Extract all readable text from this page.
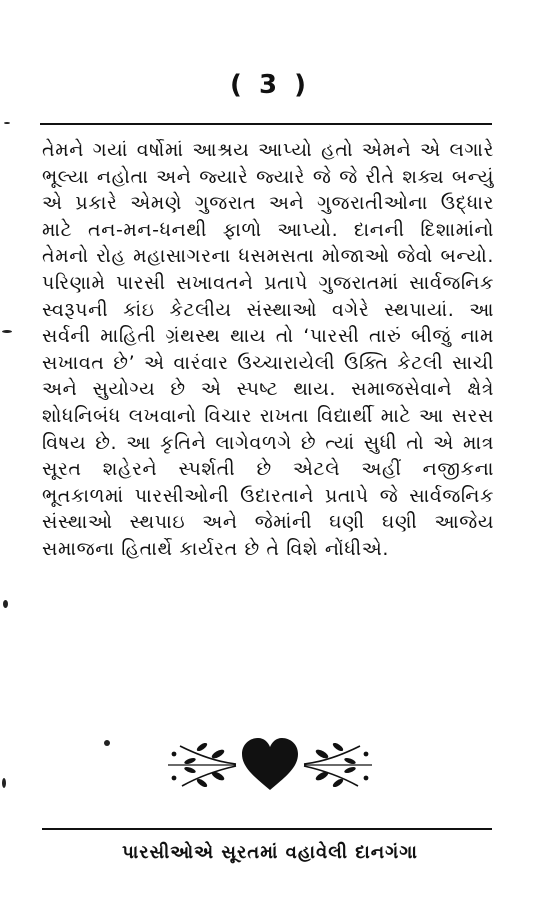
( 3 )

તેમને ગયાં વર્ષોમાં આશ્રય આપ્યો હતો એમને એ લગારે ભૂલ્યા નહોતા અને જ્યારે જ્યારે જે જે રીતે શક્ય બન્યું એ પ્રકારે એમણે ગુજરાત અને ગુજરાતીઓના ઉદ્ધાર માટે તન-મન-ધનથી ફાળો આપ્યો. દાનની દિશામાંનો તેમનો રોહ મહાસાગરના ધસમસતા મોજાઓ જેવો બન્યો. પરિણામે પારસી સખાવતને પ્રતાપે ગુજરાતમાં સાર્વજનિક સ્વરૂપની કાંઇ કેટલીય સંસ્થાઓ વગેરે સ્થપાયાં. આ સર્વની માહિતી ગ્રંથસ્થ થાય તો ‘પારસી તારું બીજું નામ સખાવત છે’ એ વારંવાર ઉચ્ચારાયેલી ઉક્તિ કેટલી સાચી અને સુયોગ્ય છે એ સ્પષ્ટ થાય. સમાજસેવાને ક્ષેત્રે શોધનિબંધ લખવાનો વિચાર રાખતા વિદ્યાર્થી માટે આ સરસ વિષય છે. આ કૃતિને લાગેવળગે છે ત્યાં સુધી તો એ માત્ર સૂરત શહેરને સ્પર્શતી છે એટલે અહીં નજીકના ભૂતકાળમાં પારસીઓની ઉદારતાને પ્રતાપે જે સાર્વજનિક સંસ્થાઓ સ્થપાઇ અને જેમાંની ઘણી ઘણી આજેય સમાજના હિતાર્થે કાર્યરત છે તે વિશે નોંધીએ.

પારસીઓએ સૂરતમાં વહાવેલી દાનગંગા
